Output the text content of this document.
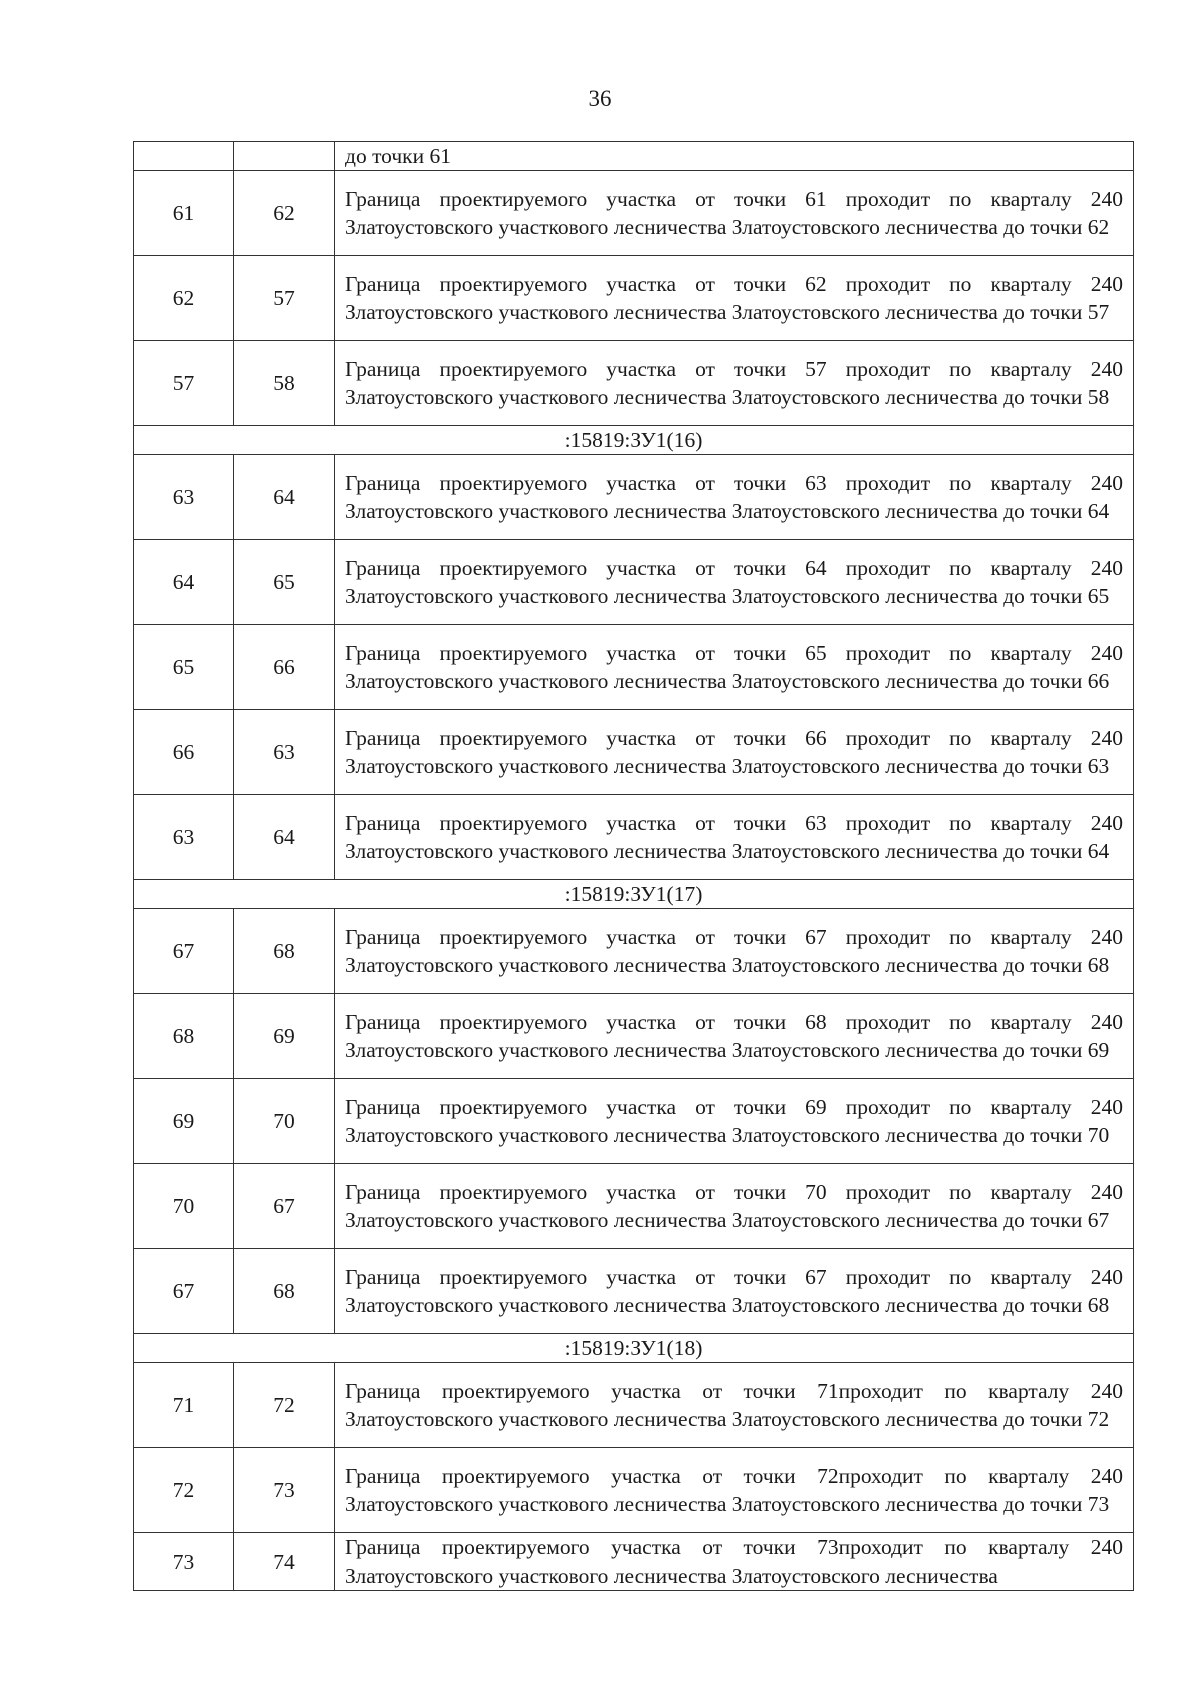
36
		до точки 61
61	62	Граница проектируемого участка от точки 61 проходит по кварталу 240 Златоустовского участкового лесничества Златоустовского лесничества до точки 62
62	57	Граница проектируемого участка от точки 62 проходит по кварталу 240 Златоустовского участкового лесничества Златоустовского лесничества до точки 57
57	58	Граница проектируемого участка от точки 57 проходит по кварталу 240 Златоустовского участкового лесничества Златоустовского лесничества до точки 58
:15819:ЗУ1(16)		
63	64	Граница проектируемого участка от точки 63 проходит по кварталу 240 Златоустовского участкового лесничества Златоустовского лесничества до точки 64
64	65	Граница проектируемого участка от точки 64 проходит по кварталу 240 Златоустовского участкового лесничества Златоустовского лесничества до точки 65
65	66	Граница проектируемого участка от точки 65 проходит по кварталу 240 Златоустовского участкового лесничества Златоустовского лесничества до точки 66
66	63	Граница проектируемого участка от точки 66 проходит по кварталу 240 Златоустовского участкового лесничества Златоустовского лесничества до точки 63
63	64	Граница проектируемого участка от точки 63 проходит по кварталу 240 Златоустовского участкового лесничества Златоустовского лесничества до точки 64
:15819:ЗУ1(17)		
67	68	Граница проектируемого участка от точки 67 проходит по кварталу 240 Златоустовского участкового лесничества Златоустовского лесничества до точки 68
68	69	Граница проектируемого участка от точки 68 проходит по кварталу 240 Златоустовского участкового лесничества Златоустовского лесничества до точки 69
69	70	Граница проектируемого участка от точки 69 проходит по кварталу 240 Златоустовского участкового лесничества Златоустовского лесничества до точки 70
70	67	Граница проектируемого участка от точки 70 проходит по кварталу 240 Златоустовского участкового лесничества Златоустовского лесничества до точки 67
67	68	Граница проектируемого участка от точки 67 проходит по кварталу 240 Златоустовского участкового лесничества Златоустовского лесничества до точки 68
:15819:ЗУ1(18)		
71	72	Граница проектируемого участка от точки 71проходит по кварталу 240 Златоустовского участкового лесничества Златоустовского лесничества до точки 72
72	73	Граница проектируемого участка от точки 72проходит по кварталу 240 Златоустовского участкового лесничества Златоустовского лесничества до точки 73
73	74	Граница проектируемого участка от точки 73проходит по кварталу 240 Златоустовского участкового лесничества Златоустовского лесничества
